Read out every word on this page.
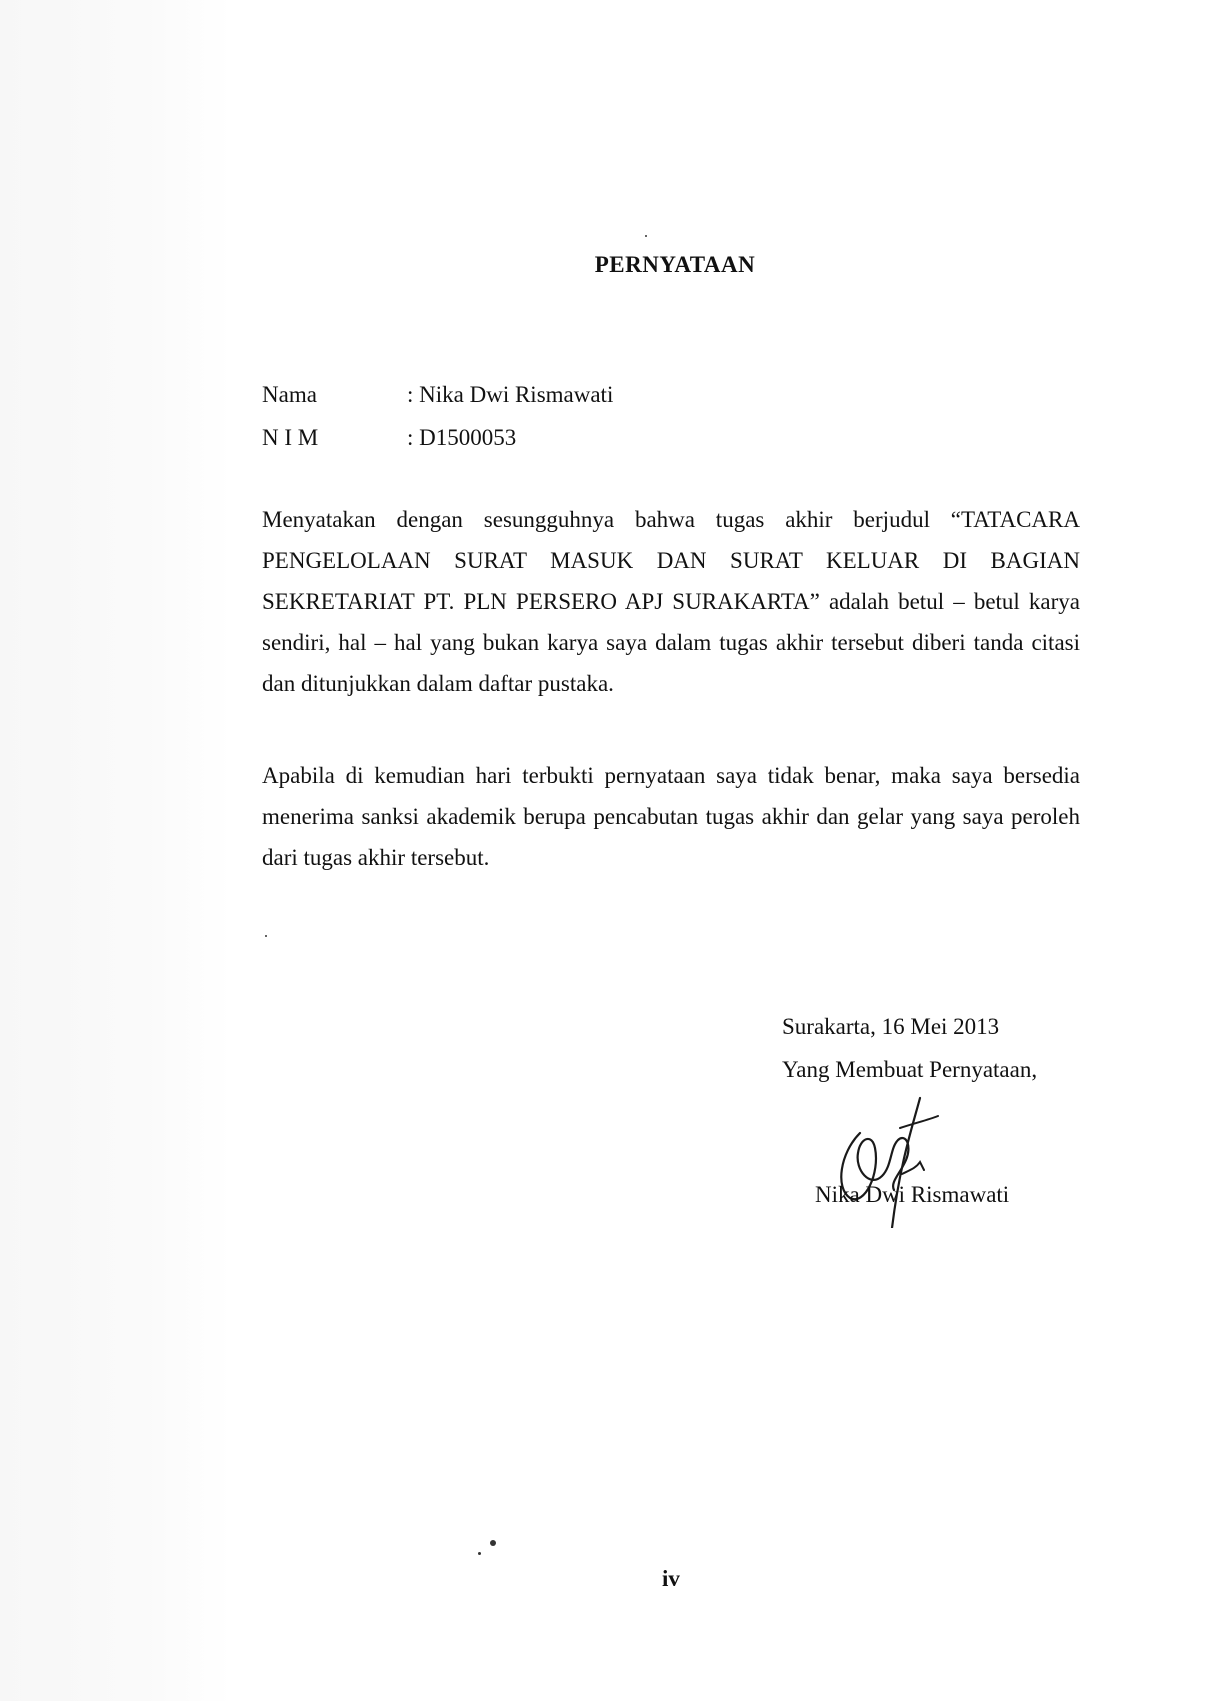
PERNYATAAN
Nama	: Nika Dwi Rismawati
N I M	: D1500053

Menyatakan dengan sesungguhnya bahwa tugas akhir berjudul “TATACARA PENGELOLAAN SURAT MASUK DAN SURAT KELUAR DI BAGIAN SEKRETARIAT PT. PLN PERSERO APJ SURAKARTA” adalah betul – betul karya sendiri, hal – hal yang bukan karya saya dalam tugas akhir tersebut diberi tanda citasi dan ditunjukkan dalam daftar pustaka.

Apabila di kemudian hari terbukti pernyataan saya tidak benar, maka saya bersedia menerima sanksi akademik berupa pencabutan tugas akhir dan gelar yang saya peroleh dari tugas akhir tersebut.

Surakarta, 16 Mei 2013
Yang Membuat Pernyataan,
Nika Dwi Rismawati
iv
